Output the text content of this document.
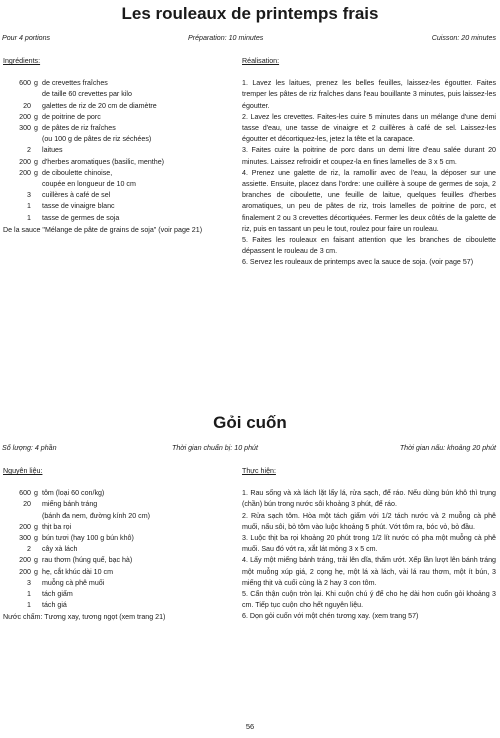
Les rouleaux de printemps frais
Pour 4 portions	Préparation: 10 minutes	Cuisson: 20 minutes
Ingrédients:
600 g de crevettes fraîches
de taille 60 crevettes par kilo
20 galettes de riz de 20 cm de diamètre
200 g de poitrine de porc
300 g de pâtes de riz fraîches
(ou 100 g de pâtes de riz séchées)
2 laitues
200 g d'herbes aromatiques (basilic, menthe)
200 g de ciboulette chinoise,
coupée en longueur de 10 cm
3 cuillères à café de sel
1 tasse de vinaigre blanc
1 tasse de germes de soja
De la sauce "Mélange de pâte de grains de soja" (voir page 21)
Réalisation:
1. Lavez les laitues, prenez les belles feuilles, laissez-les égoutter. Faites tremper les pâtes de riz fraîches dans l'eau bouillante 3 minutes, puis laissez-les égoutter.
2. Lavez les crevettes. Faites-les cuire 5 minutes dans un mélange d'une demi tasse d'eau, une tasse de vinaigre et 2 cuillères à café de sel. Laissez-les égoutter et décortiquez-les, jetez la tête et la carapace.
3. Faites cuire la poitrine de porc dans un demi litre d'eau salée durant 20 minutes. Laissez refroidir et coupez-la en fines lamelles de 3 x 5 cm.
4. Prenez une galette de riz, la ramollir avec de l'eau, la déposer sur une assiette. Ensuite, placez dans l'ordre: une cuillère à soupe de germes de soja, 2 branches de ciboulette, une feuille de laitue, quelques feuilles d'herbes aromatiques, un peu de pâtes de riz, trois lamelles de poitrine de porc, et finalement 2 ou 3 crevettes décortiquées. Fermer les deux côtés de la galette de riz, puis en tassant un peu le tout, roulez pour faire un rouleau.
5. Faites les rouleaux en faisant attention que les branches de ciboulette dépassent le rouleau de 3 cm.
6. Servez les rouleaux de printemps avec la sauce de soja. (voir page 57)
Gỏi cuốn
Số lượng: 4 phần	Thời gian chuẩn bị: 10 phút	Thời gian nấu: khoảng 20 phút
Nguyên liệu:
600 g tôm (loại 60 con/kg)
20 miếng bánh tráng
(bánh đa nem, đường kính 20 cm)
200 g thịt ba rọi
300 g bún tươi (hay 100 g bún khô)
2 cây xà lách
200 g rau thơm (húng quế, bạc hà)
200 g hẹ, cắt khúc dài 10 cm
3 muỗng cà phê muối
1 tách giấm
1 tách giá
Nước chấm: Tương xay, tương ngọt (xem trang 21)
Thực hiện:
1. Rau sống và xà lách lặt lấy lá, rửa sạch, để ráo. Nếu dùng bún khô thì trụng (chần) bún trong nước sôi khoảng 3 phút, để ráo.
2. Rửa sạch tôm. Hòa một tách giấm với 1/2 tách nước và 2 muỗng cà phê muối, nấu sôi, bỏ tôm vào luộc khoảng 5 phút. Vớt tôm ra, bóc vỏ, bỏ đầu.
3. Luộc thịt ba rọi khoảng 20 phút trong 1/2 lít nước có pha một muỗng cà phê muối. Sau đó vớt ra, xắt lát mỏng 3 x 5 cm.
4. Lấy một miếng bánh tráng, trải lên dĩa, thấm ướt. Xếp lần lượt lên bánh tráng một muỗng xúp giá, 2 cọng hẹ, một lá xà lách, vài lá rau thơm, một ít bún, 3 miếng thịt và cuối cùng là 2 hay 3 con tôm.
5. Cẩn thận cuộn tròn lại. Khi cuộn chú ý để cho hẹ dài hơn cuốn gỏi khoảng 3 cm. Tiếp tục cuộn cho hết nguyên liệu.
6. Dọn gỏi cuốn với một chén tương xay. (xem trang 57)
56
